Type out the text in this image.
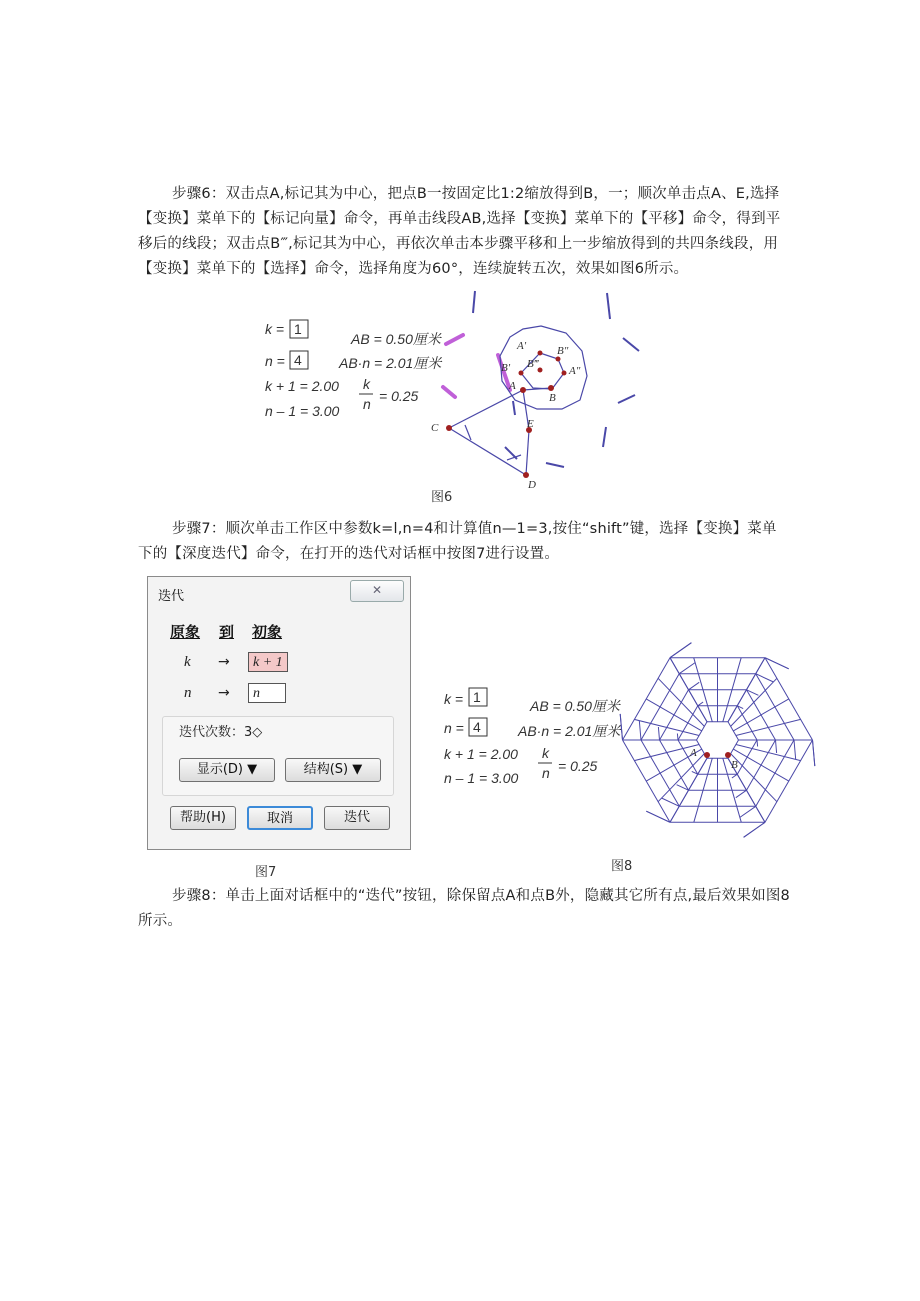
步骤6：双击点A,标记其为中心，把点B一按固定比1:2缩放得到B，一；顺次单击点A、E,选择【变换】菜单下的【标记向量】命令，再单击线段AB,选择【变换】菜单下的【平移】命令，得到平移后的线段；双击点B‴,标记其为中心，再依次单击本步骤平移和上一步缩放得到的共四条线段，用【变换】菜单下的【选择】命令，选择角度为60°，连续旋转五次，效果如图6所示。

k = 1
n = 4
k + 1 = 2.00
n – 1 = 3.00
AB = 0.50厘米
AB·n = 2.01厘米
k
n = 0.25
A'	B"
B' B‴
A"
A
B
C	E
D
图6

步骤7：顺次单击工作区中参数k=l,n=4和计算值n—1=3,按住“shift”键，选择【变换】菜单下的【深度迭代】命令，在打开的迭代对话框中按图7进行设置。

迭代	✕
原象 到 初象
k →	k + 1
n →	n
迭代次数：3◇
显示(D) ▼	结构(S) ▼
帮助(H)	取消	迭代
图7
k = 1
n = 4
k + 1 = 2.00
n – 1 = 3.00
AB = 0.50厘米
AB·n = 2.01厘米
k
n = 0.25
A
B
图8

步骤8：单击上面对话框中的“迭代”按钮，除保留点A和点B外，隐藏其它所有点,最后效果如图8所示。
